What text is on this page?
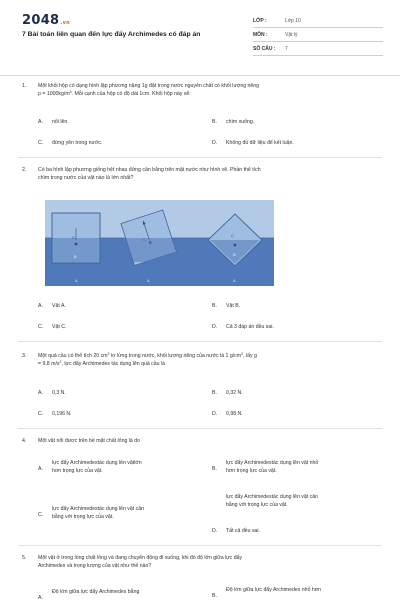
2048.vn
7 Bài toán liên quan đến lực đẩy Archimedes có đáp án
LỚP :	Lớp 10
MÔN :	Vật lý
SỐ CÂU : 7
1. Một khối hộp có dạng hình lập phương nặng 1g đặt trong nước nguyên chất có khối lượng riêng
$\rho = 1000kg/m^3$. Mỗi cạnh của hộp có độ dài 1cm. Khối hộp này sẽ:
A. nổi lên.	B. chìm xuống.
C. đứng yên trong nước.	D. Không đủ dữ liệu để kết luận.
2. Có ba hình lập phương giống hệt nhau đứng cân bằng trên mặt nước như hình vẽ. Phần thể tích
chìm trong nước của vật nào là lớn nhất?
C
B
C
B
A	A	A
A. Vật A.	B. Vật B.
C. Vật C.	D. Cả 3 đáp án đều sai.
3. Một quả cầu có thể tích 20 $cm^3$ lơ lửng trong nước, khối lượng riêng của nước là 1 $g/cm^3$, lấy g
= 9,8 $m/s^2$, lực đẩy Archimedes tác dụng lên quả cầu là
A. 0,3 N.	B. 0,32 N.
C. 0,196 N.	D. 0,98 N.
4. Một vật nổi được trên bề mặt chất lỏng là do
A.
lực đẩy Archimedestác dụng lên vậtlớn
hơn trọng lực của vật.	B.
lực đẩy Archimedestác dụng lên vật nhỏ
hơn trọng lực của vật.
C.
lực đẩy Archimedestác dụng lên vật cân
bằng với trọng lực của vật.
lực đẩy Archimedestác dụng lên vật cân
bằng với trọng lực của vật.
D. Tất cả đều sai.
5. Một vật ở trong lòng chất lỏng và đang chuyển động đi xuống, khi đó độ lớn giữa lực đẩy
Archimedes và trọng lượng của vật như thế nào?
A.
Độ lớn giữa lực đẩy Archimedes bằng
B.
Độ lớn giữa lực đẩy Archimedes nhỏ hơn
